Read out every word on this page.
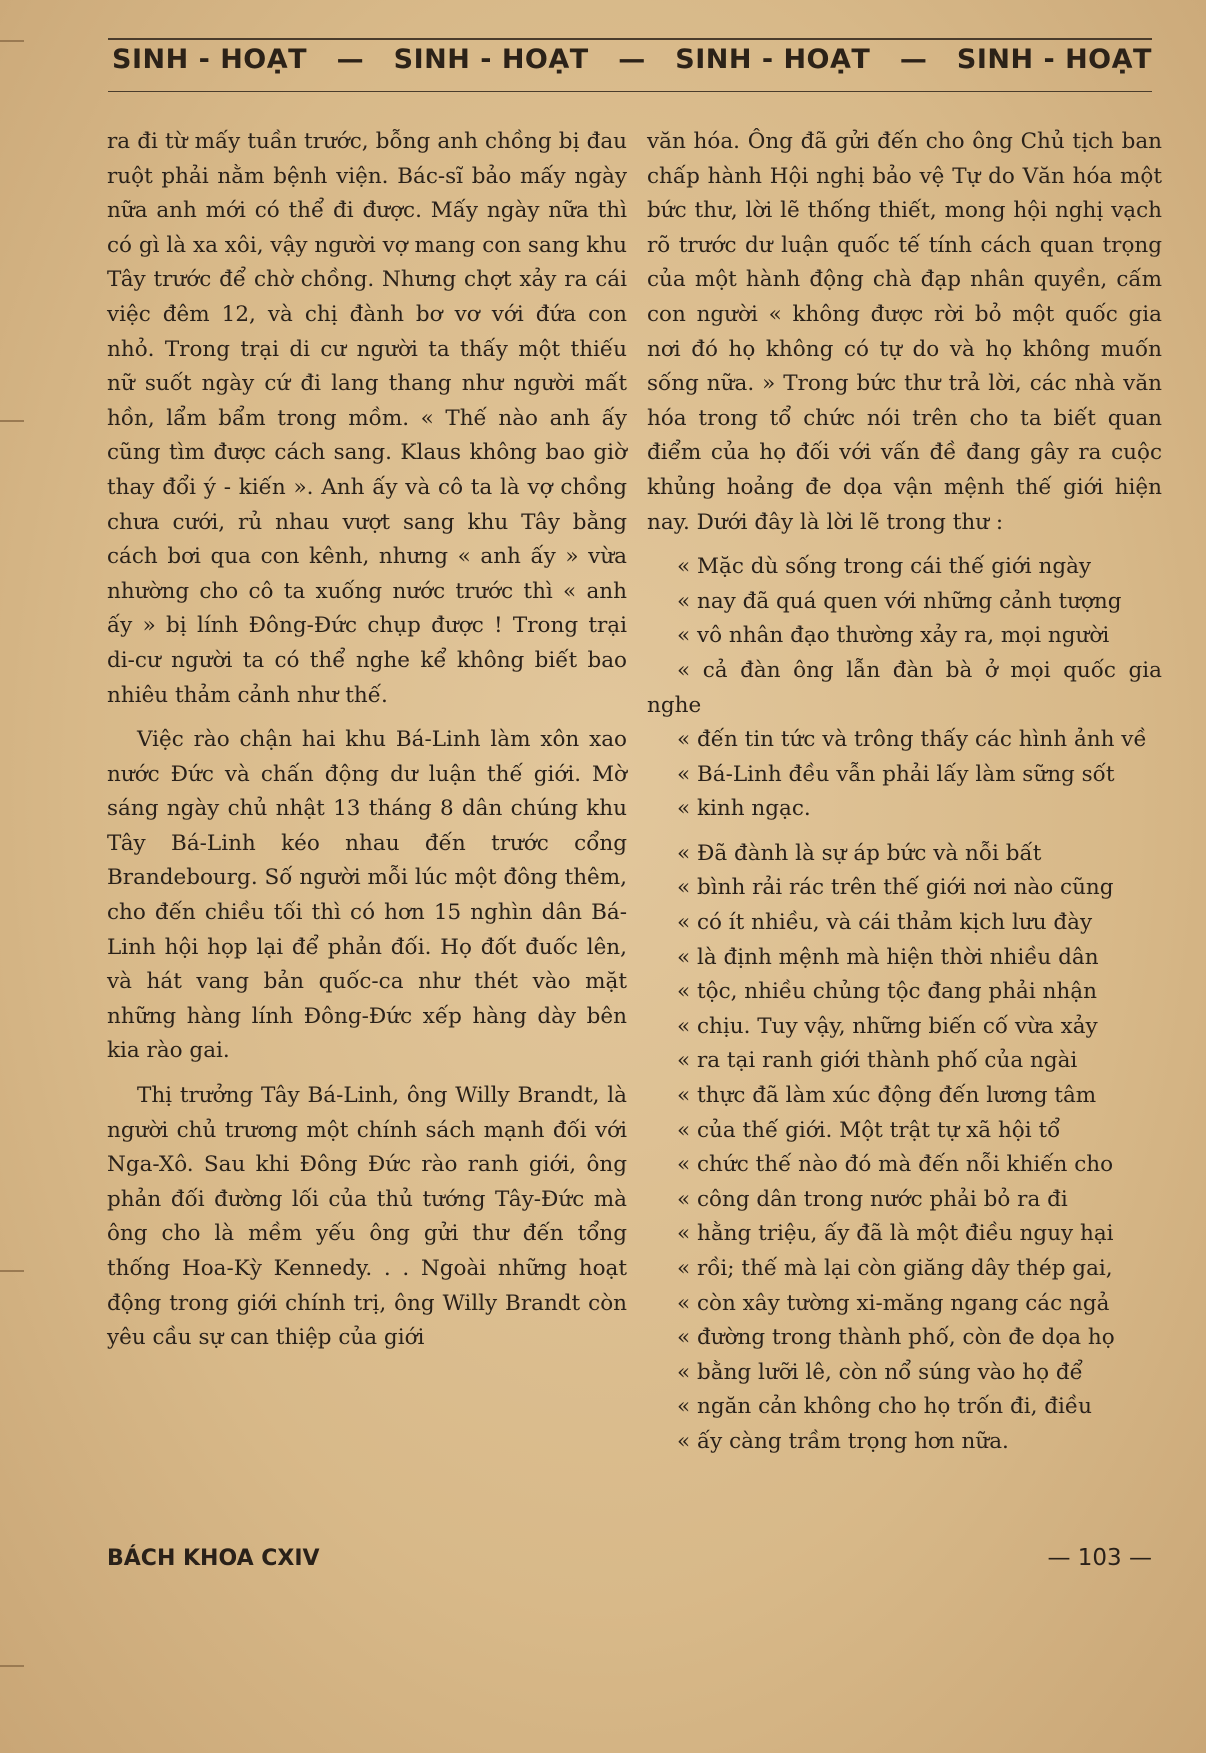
SINH - HOẠT — SINH - HOẠT — SINH - HOẠT — SINH - HOẠT

ra đi từ mấy tuần trước, bỗng anh chồng bị đau ruột phải nằm bệnh viện. Bác-sĩ bảo mấy ngày nữa anh mới có thể đi được. Mấy ngày nữa thì có gì là xa xôi, vậy người vợ mang con sang khu Tây trước để chờ chồng. Nhưng chợt xảy ra cái việc đêm 12, và chị đành bơ vơ với đứa con nhỏ. Trong trại di cư người ta thấy một thiếu nữ suốt ngày cứ đi lang thang như người mất hồn, lẩm bẩm trong mồm. « Thế nào anh ấy cũng tìm được cách sang. Klaus không bao giờ thay đổi ý - kiến ». Anh ấy và cô ta là vợ chồng chưa cưới, rủ nhau vượt sang khu Tây bằng cách bơi qua con kênh, nhưng « anh ấy » vừa nhường cho cô ta xuống nước trước thì « anh ấy » bị lính Đông-Đức chụp được ! Trong trại di-cư người ta có thể nghe kể không biết bao nhiêu thảm cảnh như thế.

Việc rào chận hai khu Bá-Linh làm xôn xao nước Đức và chấn động dư luận thế giới. Mờ sáng ngày chủ nhật 13 tháng 8 dân chúng khu Tây Bá-Linh kéo nhau đến trước cổng Brandebourg. Số người mỗi lúc một đông thêm, cho đến chiều tối thì có hơn 15 nghìn dân Bá-Linh hội họp lại để phản đối. Họ đốt đuốc lên, và hát vang bản quốc-ca như thét vào mặt những hàng lính Đông-Đức xếp hàng dày bên kia rào gai.

Thị trưởng Tây Bá-Linh, ông Willy Brandt, là người chủ trương một chính sách mạnh đối với Nga-Xô. Sau khi Đông Đức rào ranh giới, ông phản đối đường lối của thủ tướng Tây-Đức mà ông cho là mềm yếu ông gửi thư đến tổng thống Hoa-Kỳ Kennedy. . . Ngoài những hoạt động trong giới chính trị, ông Willy Brandt còn yêu cầu sự can thiệp của giới

văn hóa. Ông đã gửi đến cho ông Chủ tịch ban chấp hành Hội nghị bảo vệ Tự do Văn hóa một bức thư, lời lẽ thống thiết, mong hội nghị vạch rõ trước dư luận quốc tế tính cách quan trọng của một hành động chà đạp nhân quyền, cấm con người « không được rời bỏ một quốc gia nơi đó họ không có tự do và họ không muốn sống nữa. » Trong bức thư trả lời, các nhà văn hóa trong tổ chức nói trên cho ta biết quan điểm của họ đối với vấn đề đang gây ra cuộc khủng hoảng đe dọa vận mệnh thế giới hiện nay. Dưới đây là lời lẽ trong thư :

« Mặc dù sống trong cái thế giới ngày
« nay đã quá quen với những cảnh tượng
« vô nhân đạo thường xảy ra, mọi người
« cả đàn ông lẫn đàn bà ở mọi quốc gia nghe
« đến tin tức và trông thấy các hình ảnh về
« Bá-Linh đều vẫn phải lấy làm sững sốt
« kinh ngạc.

« Đã đành là sự áp bức và nỗi bất
« bình rải rác trên thế giới nơi nào cũng
« có ít nhiều, và cái thảm kịch lưu đày
« là định mệnh mà hiện thời nhiều dân
« tộc, nhiều chủng tộc đang phải nhận
« chịu. Tuy vậy, những biến cố vừa xảy
« ra tại ranh giới thành phố của ngài
« thực đã làm xúc động đến lương tâm
« của thế giới. Một trật tự xã hội tổ
« chức thế nào đó mà đến nỗi khiến cho
« công dân trong nước phải bỏ ra đi
« hằng triệu, ấy đã là một điều nguy hại
« rồi; thế mà lại còn giăng dây thép gai,
« còn xây tường xi-măng ngang các ngả
« đường trong thành phố, còn đe dọa họ
« bằng lưỡi lê, còn nổ súng vào họ để
« ngăn cản không cho họ trốn đi, điều
« ấy càng trầm trọng hơn nữa.

BÁCH KHOA CXIV	— 103 —
